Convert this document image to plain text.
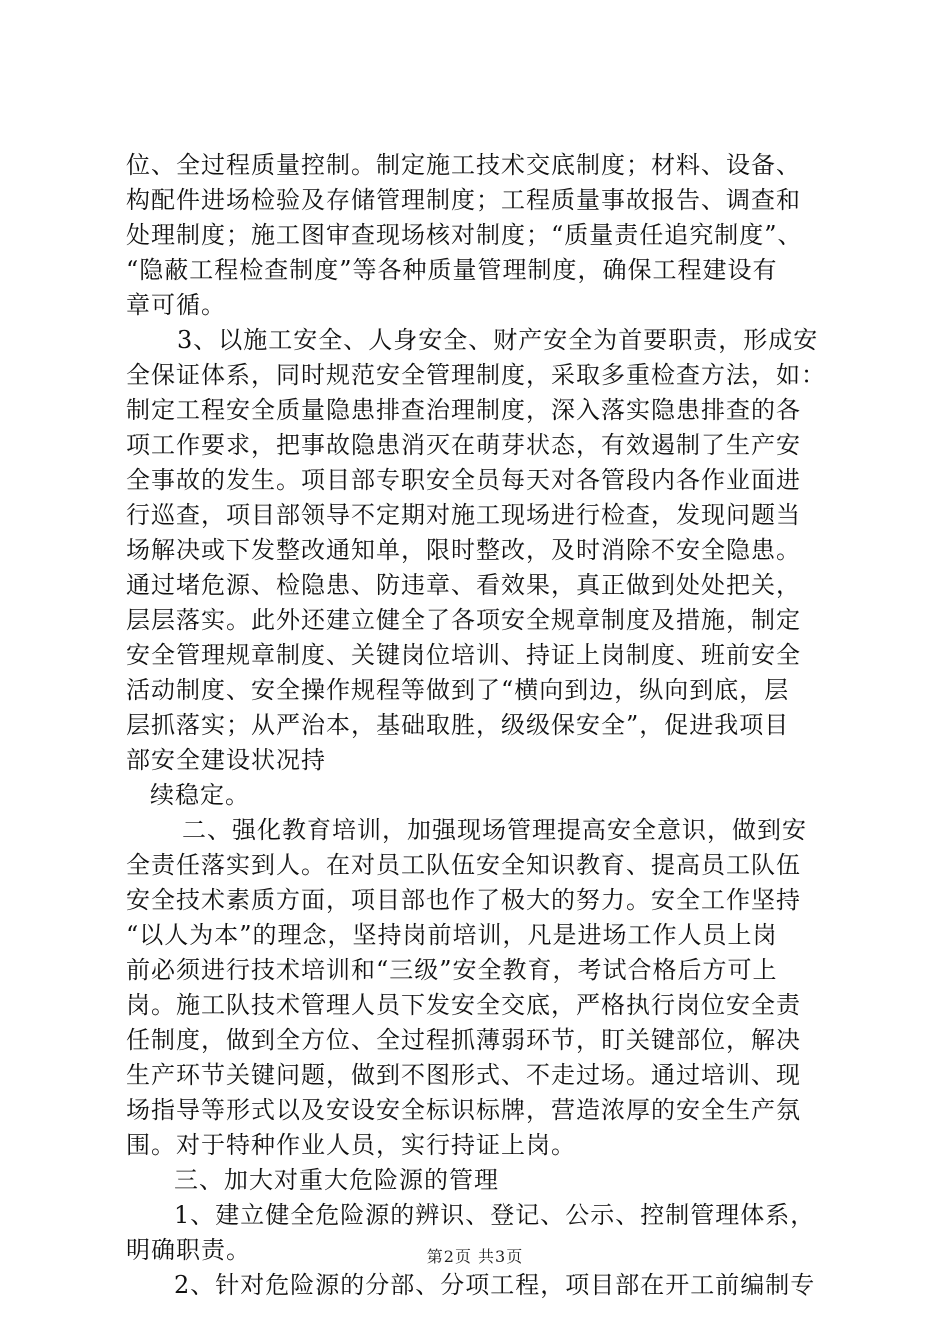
位、全过程质量控制。制定施工技术交底制度；材料、设备、
构配件进场检验及存储管理制度；工程质量事故报告、调查和
处理制度；施工图审查现场核对制度；“质量责任追究制度”、
“隐蔽工程检查制度”等各种质量管理制度，确保工程建设有
章可循。
3、以施工安全、人身安全、财产安全为首要职责，形成安
全保证体系，同时规范安全管理制度，采取多重检查方法，如：
制定工程安全质量隐患排查治理制度，深入落实隐患排查的各
项工作要求，把事故隐患消灭在萌芽状态，有效遏制了生产安
全事故的发生。项目部专职安全员每天对各管段内各作业面进
行巡查，项目部领导不定期对施工现场进行检查，发现问题当
场解决或下发整改通知单，限时整改，及时消除不安全隐患。
通过堵危源、检隐患、防违章、看效果，真正做到处处把关，
层层落实。此外还建立健全了各项安全规章制度及措施，制定
安全管理规章制度、关键岗位培训、持证上岗制度、班前安全
活动制度、安全操作规程等做到了“横向到边，纵向到底，层
层抓落实；从严治本，基础取胜，级级保安全”，促进我项目
部安全建设状况持
续稳定。
二、强化教育培训，加强现场管理提高安全意识，做到安
全责任落实到人。在对员工队伍安全知识教育、提高员工队伍
安全技术素质方面，项目部也作了极大的努力。安全工作坚持
“以人为本”的理念，坚持岗前培训，凡是进场工作人员上岗
前必须进行技术培训和“三级”安全教育，考试合格后方可上
岗。施工队技术管理人员下发安全交底，严格执行岗位安全责
任制度，做到全方位、全过程抓薄弱环节，盯关键部位，解决
生产环节关键问题，做到不图形式、不走过场。通过培训、现
场指导等形式以及安设安全标识标牌，营造浓厚的安全生产氛
围。对于特种作业人员，实行持证上岗。
三、加大对重大危险源的管理
1、建立健全危险源的辨识、登记、公示、控制管理体系，
明确职责。
2、针对危险源的分部、分项工程，项目部在开工前编制专
第2页 共3页
